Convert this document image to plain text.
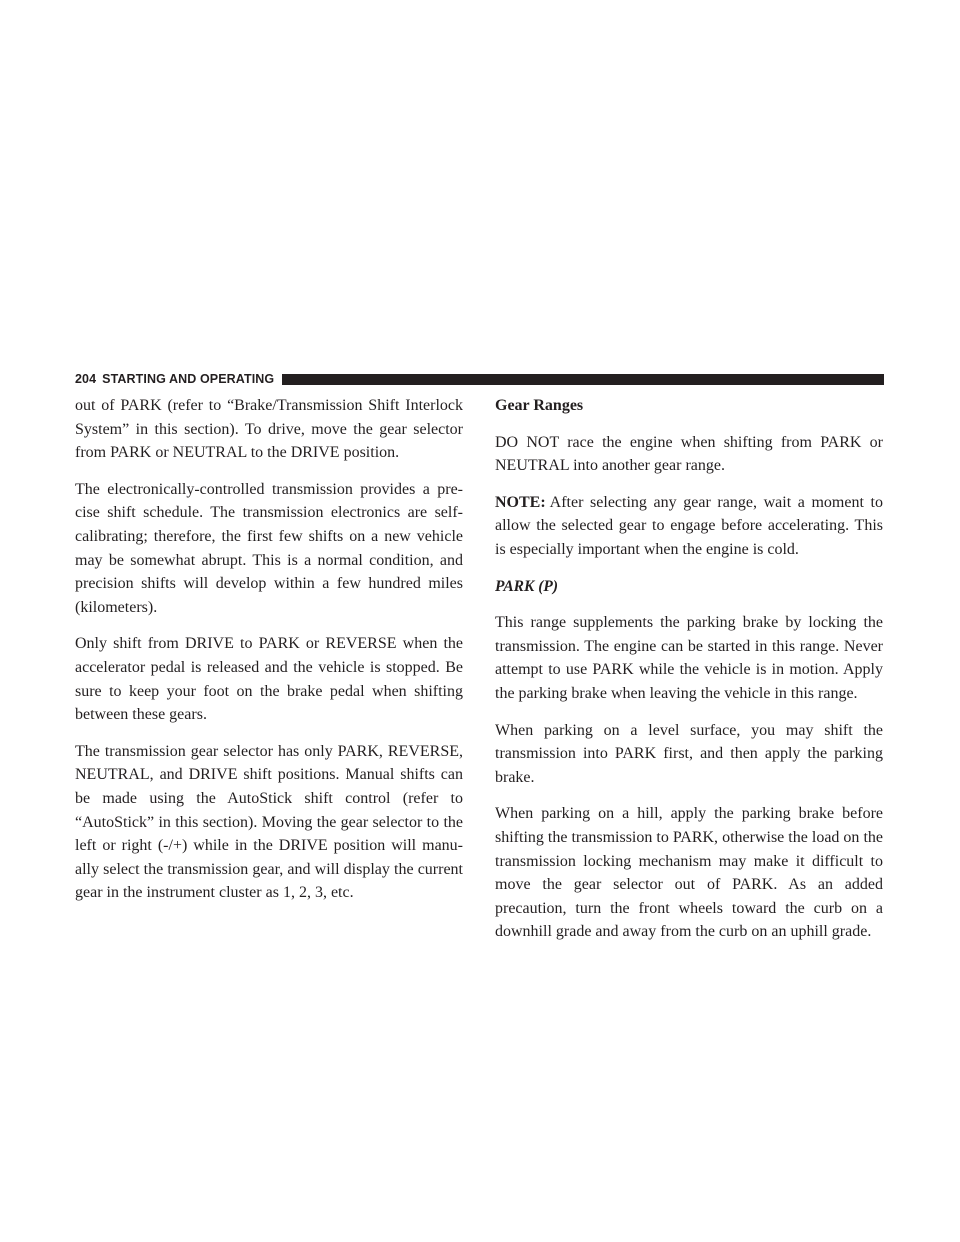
204 STARTING AND OPERATING

out of PARK (refer to “Brake/Transmission Shift Interlock System” in this section). To drive, move the gear selector from PARK or NEUTRAL to the DRIVE position.

The electronically-controlled transmission provides a pre-cise shift schedule. The transmission electronics are self-calibrating; therefore, the first few shifts on a new vehicle may be somewhat abrupt. This is a normal condition, and precision shifts will develop within a few hundred miles (kilometers).

Only shift from DRIVE to PARK or REVERSE when the accelerator pedal is released and the vehicle is stopped. Be sure to keep your foot on the brake pedal when shifting between these gears.

The transmission gear selector has only PARK, REVERSE, NEUTRAL, and DRIVE shift positions. Manual shifts can be made using the AutoStick shift control (refer to “AutoStick” in this section). Moving the gear selector to the left or right (-/+) while in the DRIVE position will manu-ally select the transmission gear, and will display the current gear in the instrument cluster as 1, 2, 3, etc.

Gear Ranges

DO NOT race the engine when shifting from PARK or NEUTRAL into another gear range.

NOTE: After selecting any gear range, wait a moment to allow the selected gear to engage before accelerating. This is especially important when the engine is cold.

PARK (P)

This range supplements the parking brake by locking the transmission. The engine can be started in this range. Never attempt to use PARK while the vehicle is in motion. Apply the parking brake when leaving the vehicle in this range.

When parking on a level surface, you may shift the transmission into PARK first, and then apply the parking brake.

When parking on a hill, apply the parking brake before shifting the transmission to PARK, otherwise the load on the transmission locking mechanism may make it difficult to move the gear selector out of PARK. As an added precaution, turn the front wheels toward the curb on a downhill grade and away from the curb on an uphill grade.
